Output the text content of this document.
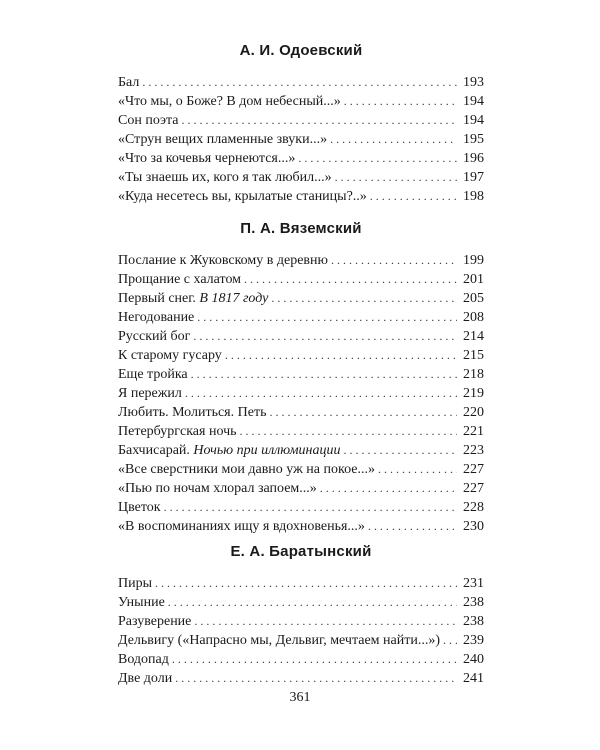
А. И. Одоевский
Бал . . .	193
«Что мы, о Боже? В дом небесный...» . . .	194
Сон поэта . . .	194
«Струн вещих пламенные звуки...» . . .	195
«Что за кочевья чернеются...» . . .	196
«Ты знаешь их, кого я так любил...» . . .	197
«Куда несетесь вы, крылатые станицы?..» . . .	198
П. А. Вяземский
Послание к Жуковскому в деревню . . .	199
Прощание с халатом . . .	201
Первый снег. В 1817 году . . .	205
Негодование . . .	208
Русский бог . . .	214
К старому гусару . . .	215
Еще тройка . . .	218
Я пережил . . .	219
Любить. Молиться. Петь . . .	220
Петербургская ночь . . .	221
Бахчисарай. Ночью при иллюминации . . .	223
«Все сверстники мои давно уж на покое...» . . .	227
«Пью по ночам хлорал запоем...» . . .	227
Цветок . . .	228
«В воспоминаниях ищу я вдохновенья...» . . .	230
Е. А. Баратынский
Пиры . . .	231
Уныние . . .	238
Разуверение . . .	238
Дельвигу («Напрасно мы, Дельвиг, мечтаем найти...») . . . 239
Водопад . . .	240
Две доли . . .	241
361
